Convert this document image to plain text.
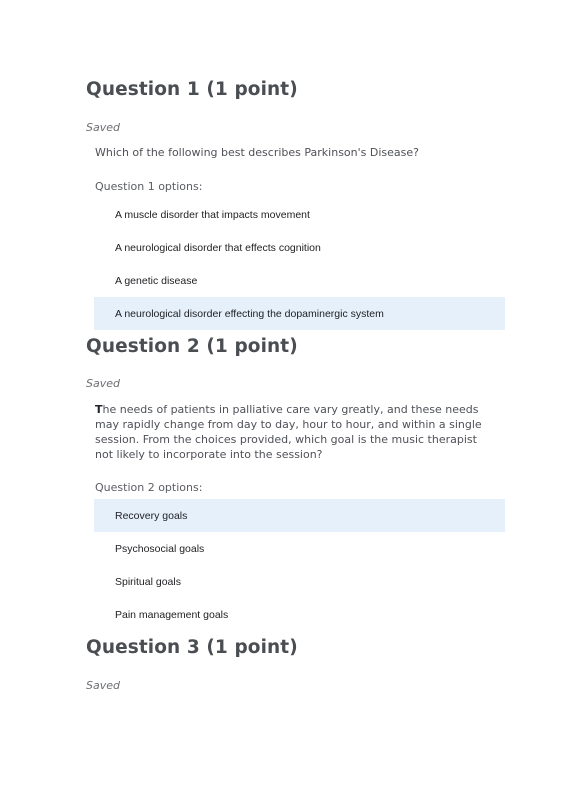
Question 1 (1 point)
Saved
Which of the following best describes Parkinson's Disease?
Question 1 options:
A muscle disorder that impacts movement
A neurological disorder that effects cognition
A genetic disease
A neurological disorder effecting the dopaminergic system
Question 2 (1 point)
Saved
The needs of patients in palliative care vary greatly, and these needs may rapidly change from day to day, hour to hour, and within a single session. From the choices provided, which goal is the music therapist not likely to incorporate into the session?
Question 2 options:
Recovery goals
Psychosocial goals
Spiritual goals
Pain management goals
Question 3 (1 point)
Saved
